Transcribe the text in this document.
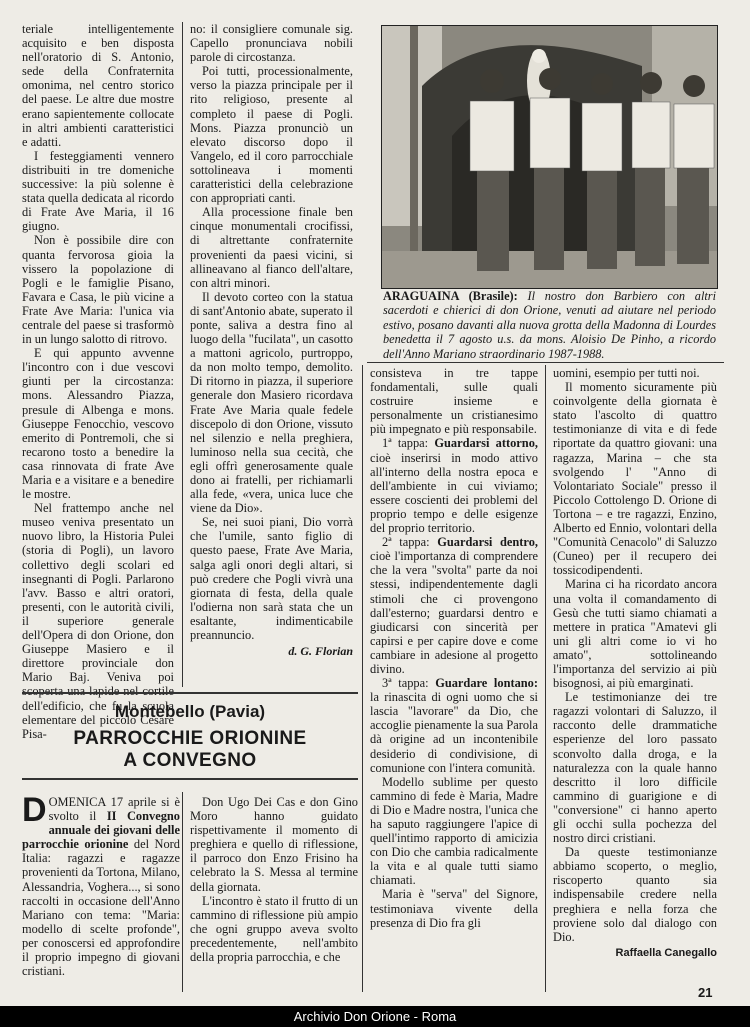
teriale intelligentemente acquisito e ben disposta nell'oratorio di S. Antonio, sede della Confraternita omonima, nel centro storico del paese. Le altre due mostre erano sapientemente collocate in altri ambienti caratteristici e adatti.

I festeggiamenti vennero distribuiti in tre domeniche successive: la più solenne è stata quella dedicata al ricordo di Frate Ave Maria, il 16 giugno.

Non è possibile dire con quanta fervorosa gioia la vissero la popolazione di Pogli e le famiglie Pisano, Favara e Casa, le più vicine a Frate Ave Maria: l'unica via centrale del paese si trasformò in un lungo salotto di ritrovo.

E qui appunto avvenne l'incontro con i due vescovi giunti per la circostanza: mons. Alessandro Piazza, presule di Albenga e mons. Giuseppe Fenocchio, vescovo emerito di Pontremoli, che si recarono tosto a benedire la casa rinnovata di frate Ave Maria e a visitare e a benedire le mostre.

Nel frattempo anche nel museo veniva presentato un nuovo libro, la Historia Pulei (storia di Pogli), un lavoro collettivo degli scolari ed insegnanti di Pogli. Parlarono l'avv. Basso e altri oratori, presenti, con le autorità civili, il superiore generale dell'Opera di don Orione, don Giuseppe Masiero e il direttore provinciale don Mario Baj. Veniva poi dell'edificio, che fu la scuola elementare del piccolo Cesare Pisa-

no: il consigliere comunale sig. Capello pronunciava nobili parole di circostanza.

Poi tutti, processionalmente, verso la piazza principale per il rito religioso, presente al completo il paese di Pogli. Mons. Piazza pronunciò un elevato discorso dopo il Vangelo, ed il coro parrocchiale sottolineava i momenti caratteristici della celebrazione con appropriati canti.

Alla processione finale ben cinque monumentali crocifissi, di altrettante confraternite provenienti da paesi vicini, si allineavano al fianco dell'altare, con altri minori.

Il devoto corteo con la statua di sant'Antonio abate, superato il ponte, saliva a destra fino al luogo della "fucilata", un casotto a mattoni agricolo, purtroppo, da non molto tempo, demolito. Di ritorno in piazza, il superiore generale don Masiero ricordava Frate Ave Maria quale fedele discepolo di don Orione, vissuto nel silenzio e nella preghiera, luminoso nella sua cecità, che egli offrì generosamente quale dono ai fratelli, per richiamarli alla fede, «vera, unica luce che viene da Dio».

Se, nei suoi piani, Dio vorrà che l'umile, santo figlio di questo paese, Frate Ave Maria, salga agli onori degli altari, si può credere che Pogli vivrà una giornata di festa, della quale l'odierna non sarà stata che un esaltante, indimenticabile preannuncio.

d. G. Florian
ARAGUAINA (Brasile): Il nostro don Barbiero con altri sacerdoti e chierici di don Orione, venuti ad aiutare nel periodo estivo, posano davanti alla nuova grotta della Madonna di Lourdes benedetta il 7 agosto u.s. da mons. Aloisio De Pinho, a ricordo dell'Anno Mariano straordinario 1987-1988.
Montebello (Pavia)
PARROCCHIE ORIONINE
A CONVEGNO

DOMENICA 17 aprile si è svolto il II Convegno annuale dei giovani delle parrocchie orionine del Nord Italia: ragazzi e ragazze provenienti da Tortona, Milano, Alessandria, Voghera..., si sono raccolti in occasione dell'Anno Mariano con tema: "Maria: modello di scelte profonde", per conoscersi ed approfondire il proprio impegno di giovani cristiani.

Don Ugo Dei Cas e don Gino Moro hanno guidato rispettivamente il momento di preghiera e quello di riflessione, il parroco don Enzo Frisino ha celebrato la S. Messa al termine della giornata.

L'incontro è stato il frutto di un cammino di riflessione più ampio che ogni gruppo aveva svolto precedentemente, nell'ambito della propria parrocchia, e che

consisteva in tre tappe fondamentali, sulle quali costruire insieme e personalmente un cristianesimo più impegnato e più responsabile.

1ª tappa: Guardarsi attorno, cioè inserirsi in modo attivo all'interno della nostra epoca e dell'ambiente in cui viviamo; essere coscienti dei problemi del proprio tempo e delle esigenze del proprio territorio.

2ª tappa: Guardarsi dentro, cioè l'importanza di comprendere che la vera "svolta" parte da noi stessi, indipendentemente dagli stimoli che ci provengono dall'esterno; guardarsi dentro e giudicarsi con sincerità per capirsi e per capire dove e come cambiare in adesione al progetto divino.

3ª tappa: Guardare lontano: la rinascita di ogni uomo che si lascia "lavorare" da Dio, che accoglie pienamente la sua Parola dà origine ad un incontenibile desiderio di condivisione, di comunione con l'intera comunità.

Modello sublime per questo cammino di fede è Maria, Madre di Dio e Madre nostra, l'unica che ha saputo raggiungere l'apice di quell'intimo rapporto di amicizia con Dio che cambia radicalmente la vita e al quale tutti siamo chiamati.

Maria è "serva" del Signore, testimoniava vivente della presenza di Dio fra gli

uomini, esempio per tutti noi.

Il momento sicuramente più coinvolgente della giornata è stato l'ascolto di quattro testimonianze di vita e di fede riportate da quattro giovani: una ragazza, Marina – che sta svolgendo l' "Anno di Volontariato Sociale" presso il Piccolo Cottolengo D. Orione di Tortona – e tre ragazzi, Enzino, Alberto ed Ennio, volontari della "Comunità Cenacolo" di Saluzzo (Cuneo) per il recupero dei tossicodipendenti.

Marina ci ha ricordato ancora una volta il comandamento di Gesù che tutti siamo chiamati a mettere in pratica "Amatevi gli uni gli altri come io vi ho amato", sottolineando l'importanza del servizio ai più bisognosi, ai più emarginati.

Le testimonianze dei tre ragazzi volontari di Saluzzo, il racconto delle drammatiche esperienze del loro passato sconvolto dalla droga, e la naturalezza con la quale hanno descritto il loro difficile cammino di guarigione e di "conversione" ci hanno aperto gli occhi sulla pochezza del nostro dirci cristiani.

Da queste testimonianze abbiamo scoperto, o meglio, riscoperto quanto sia indispensabile credere nella preghiera e nella forza che proviene solo dal dialogo con Dio.

Raffaella Canegallo
21
Archivio Don Orione - Roma
